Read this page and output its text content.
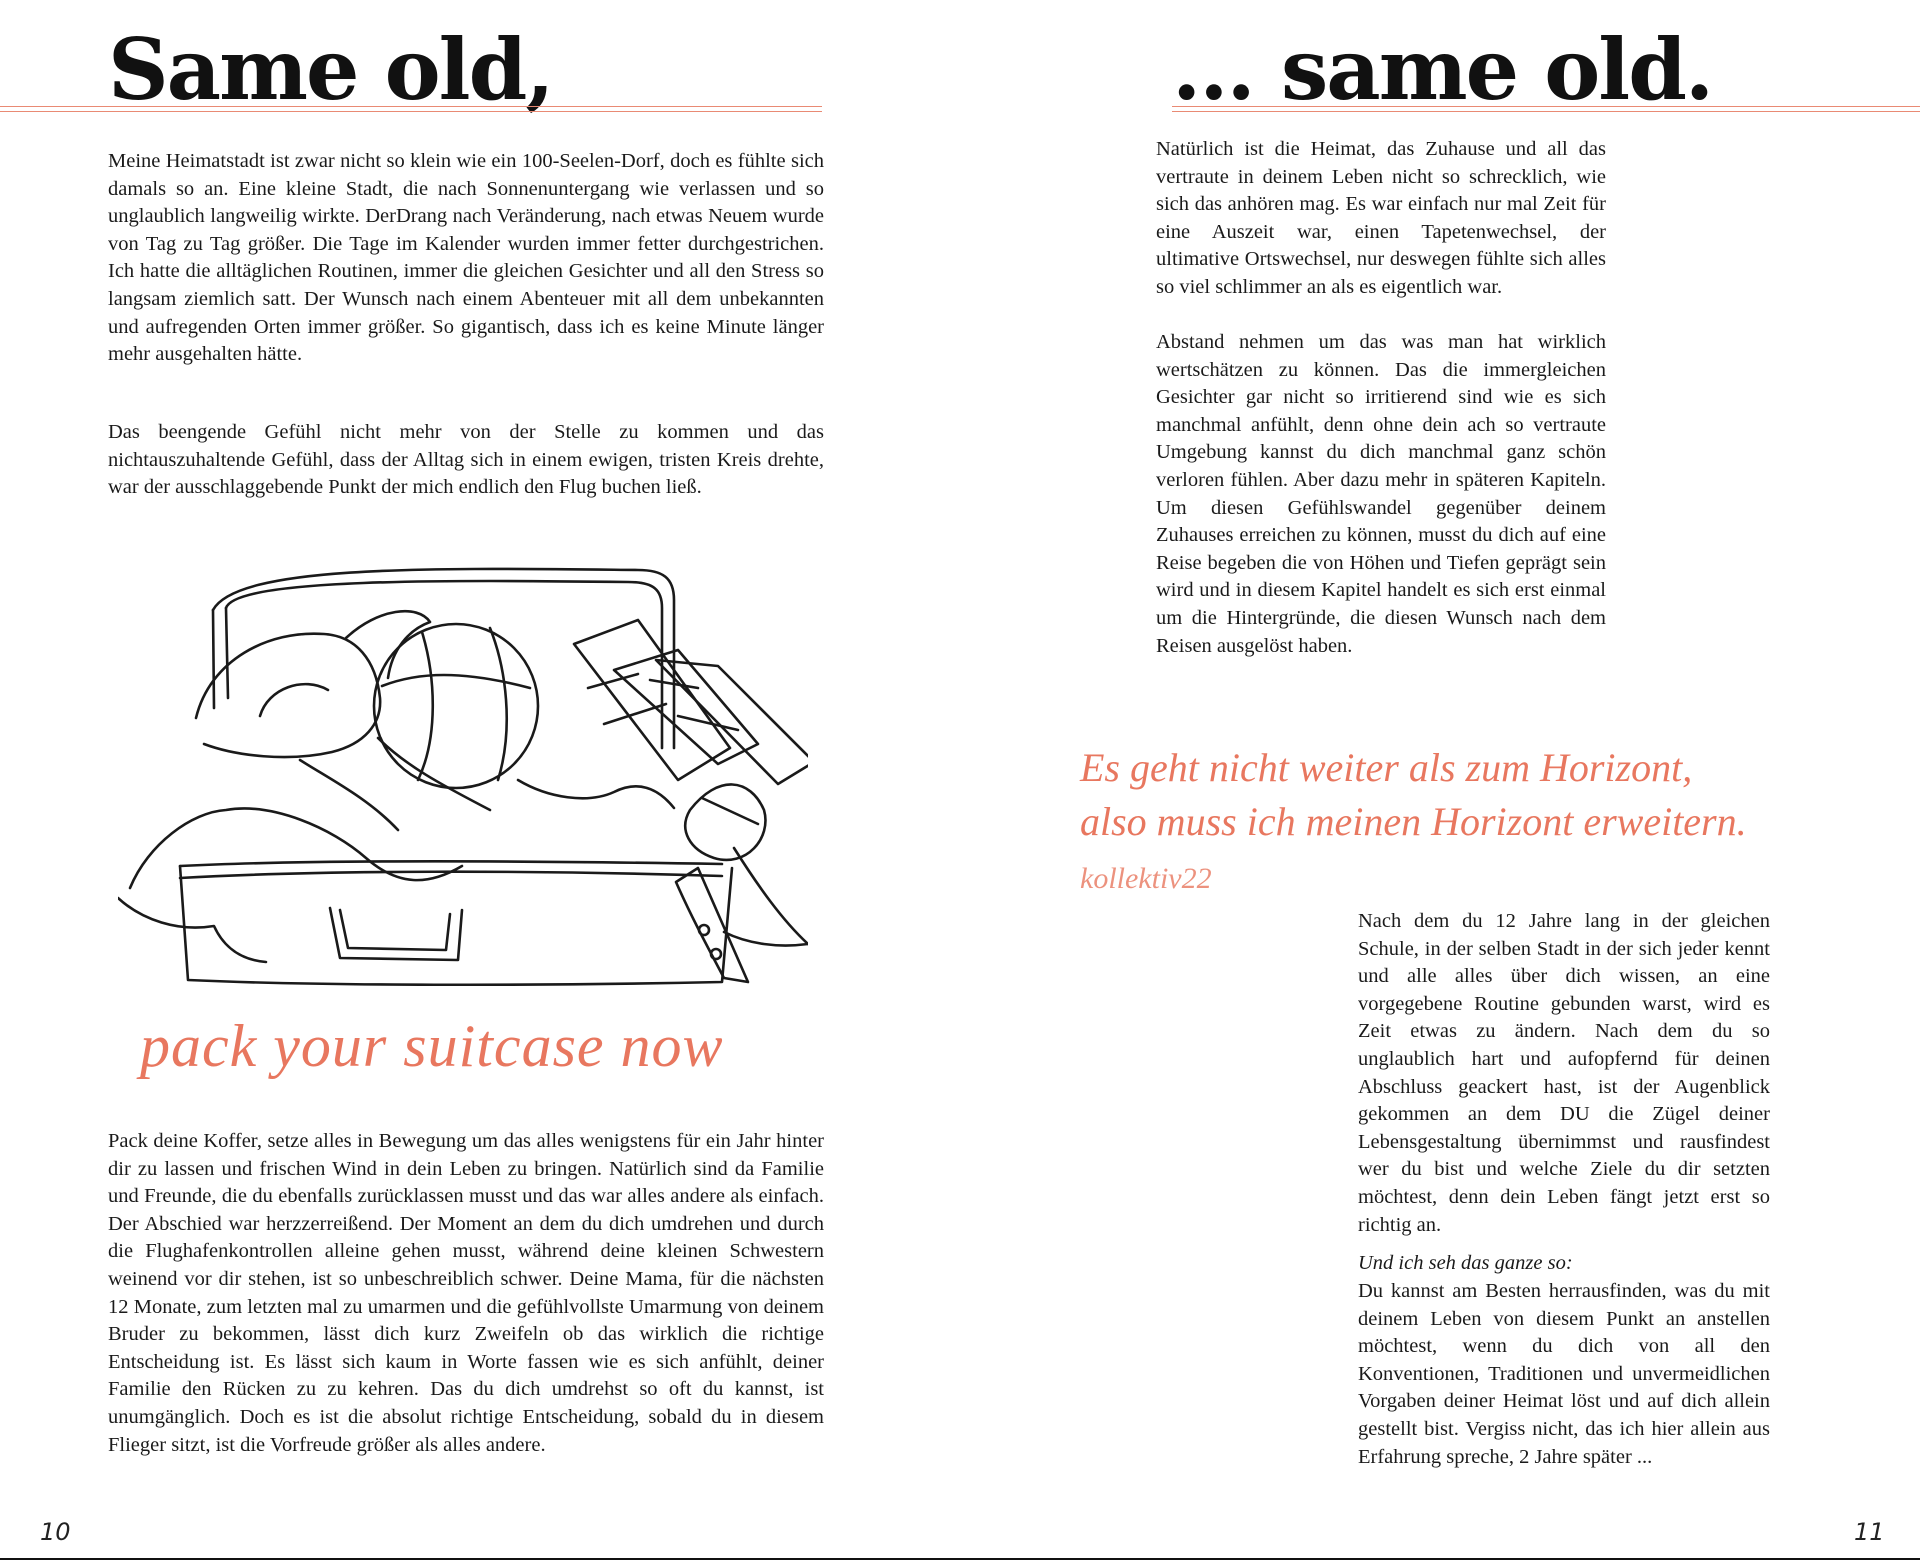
Same old,

Meine Heimatstadt ist zwar nicht so klein wie ein 100-Seelen-Dorf, doch es fühlte sich damals so an. Eine kleine Stadt, die nach Sonnenuntergang wie verlassen und so unglaublich langweilig wirkte. DerDrang nach Veränderung, nach etwas Neuem wurde von Tag zu Tag größer. Die Tage im Kalender wurden immer fetter durchgestrichen. Ich hatte die alltäglichen Routinen, immer die gleichen Gesichter und all den Stress so langsam ziemlich satt. Der Wunsch nach einem Abenteuer mit all dem unbekannten und aufregenden Orten immer größer. So gigantisch, dass ich es keine Minute länger mehr ausgehalten hätte.

Das beengende Gefühl nicht mehr von der Stelle zu kommen und das nichtauszuhaltende Gefühl, dass der Alltag sich in einem ewigen, tristen Kreis drehte, war der ausschlaggebende Punkt der mich endlich den Flug buchen ließ.

pack your suitcase now

Pack deine Koffer, setze alles in Bewegung um das alles wenigstens für ein Jahr hinter dir zu lassen und frischen Wind in dein Leben zu bringen. Natürlich sind da Familie und Freunde, die du ebenfalls zurücklassen musst und das war alles andere als einfach. Der Abschied war herzzerreißend. Der Moment an dem du dich umdrehen und durch die Flughafenkontrollen alleine gehen musst, während deine kleinen Schwestern weinend vor dir stehen, ist so unbeschreiblich schwer. Deine Mama, für die nächsten 12 Monate, zum letzten mal zu umarmen und die gefühlvollste Umarmung von deinem Bruder zu bekommen, lässt dich kurz Zweifeln ob das wirklich die richtige Entscheidung ist. Es lässt sich kaum in Worte fassen wie es sich anfühlt, deiner Familie den Rücken zu zu kehren. Das du dich umdrehst so oft du kannst, ist unumgänglich. Doch es ist die absolut richtige Entscheidung, sobald du in diesem Flieger sitzt, ist die Vorfreude größer als alles andere.

10
... same old.

Natürlich ist die Heimat, das Zuhause und all das vertraute in deinem Leben nicht so schrecklich, wie sich das anhören mag. Es war einfach nur mal Zeit für eine Auszeit war, einen Tapetenwechsel, der ultimative Ortswechsel, nur deswegen fühlte sich alles so viel schlimmer an als es eigentlich war.

Abstand nehmen um das was man hat wirklich wertschätzen zu können. Das die immergleichen Gesichter gar nicht so irritierend sind wie es sich manchmal anfühlt, denn ohne dein ach so vertraute Umgebung kannst du dich manchmal ganz schön verloren fühlen. Aber dazu mehr in späteren Kapiteln. Um diesen Gefühlswandel gegenüber deinem Zuhauses erreichen zu können, musst du dich auf eine Reise begeben die von Höhen und Tiefen geprägt sein wird und in diesem Kapitel handelt es sich erst einmal um die Hintergründe, die diesen Wunsch nach dem Reisen ausgelöst haben.

Es geht nicht weiter als zum Horizont,

also muss ich meinen Horizont erweitern.

kollektiv22

Nach dem du 12 Jahre lang in der gleichen Schule, in der selben Stadt in der sich jeder kennt und alle alles über dich wissen, an eine vorgegebene Routine gebunden warst, wird es Zeit etwas zu ändern. Nach dem du so unglaublich hart und aufopfernd für deinen Abschluss geackert hast, ist der Augenblick gekommen an dem DU die Zügel deiner Lebensgestaltung übernimmst und rausfindest wer du bist und welche Ziele du dir setzten möchtest, denn dein Leben fängt jetzt erst so richtig an.

Und ich seh das ganze so:

Du kannst am Besten herrausfinden, was du mit deinem Leben von diesem Punkt an anstellen möchtest, wenn du dich von all den Konventionen, Traditionen und unvermeidlichen Vorgaben deiner Heimat löst und auf dich allein gestellt bist. Vergiss nicht, das ich hier allein aus Erfahrung spreche, 2 Jahre später ...

11
